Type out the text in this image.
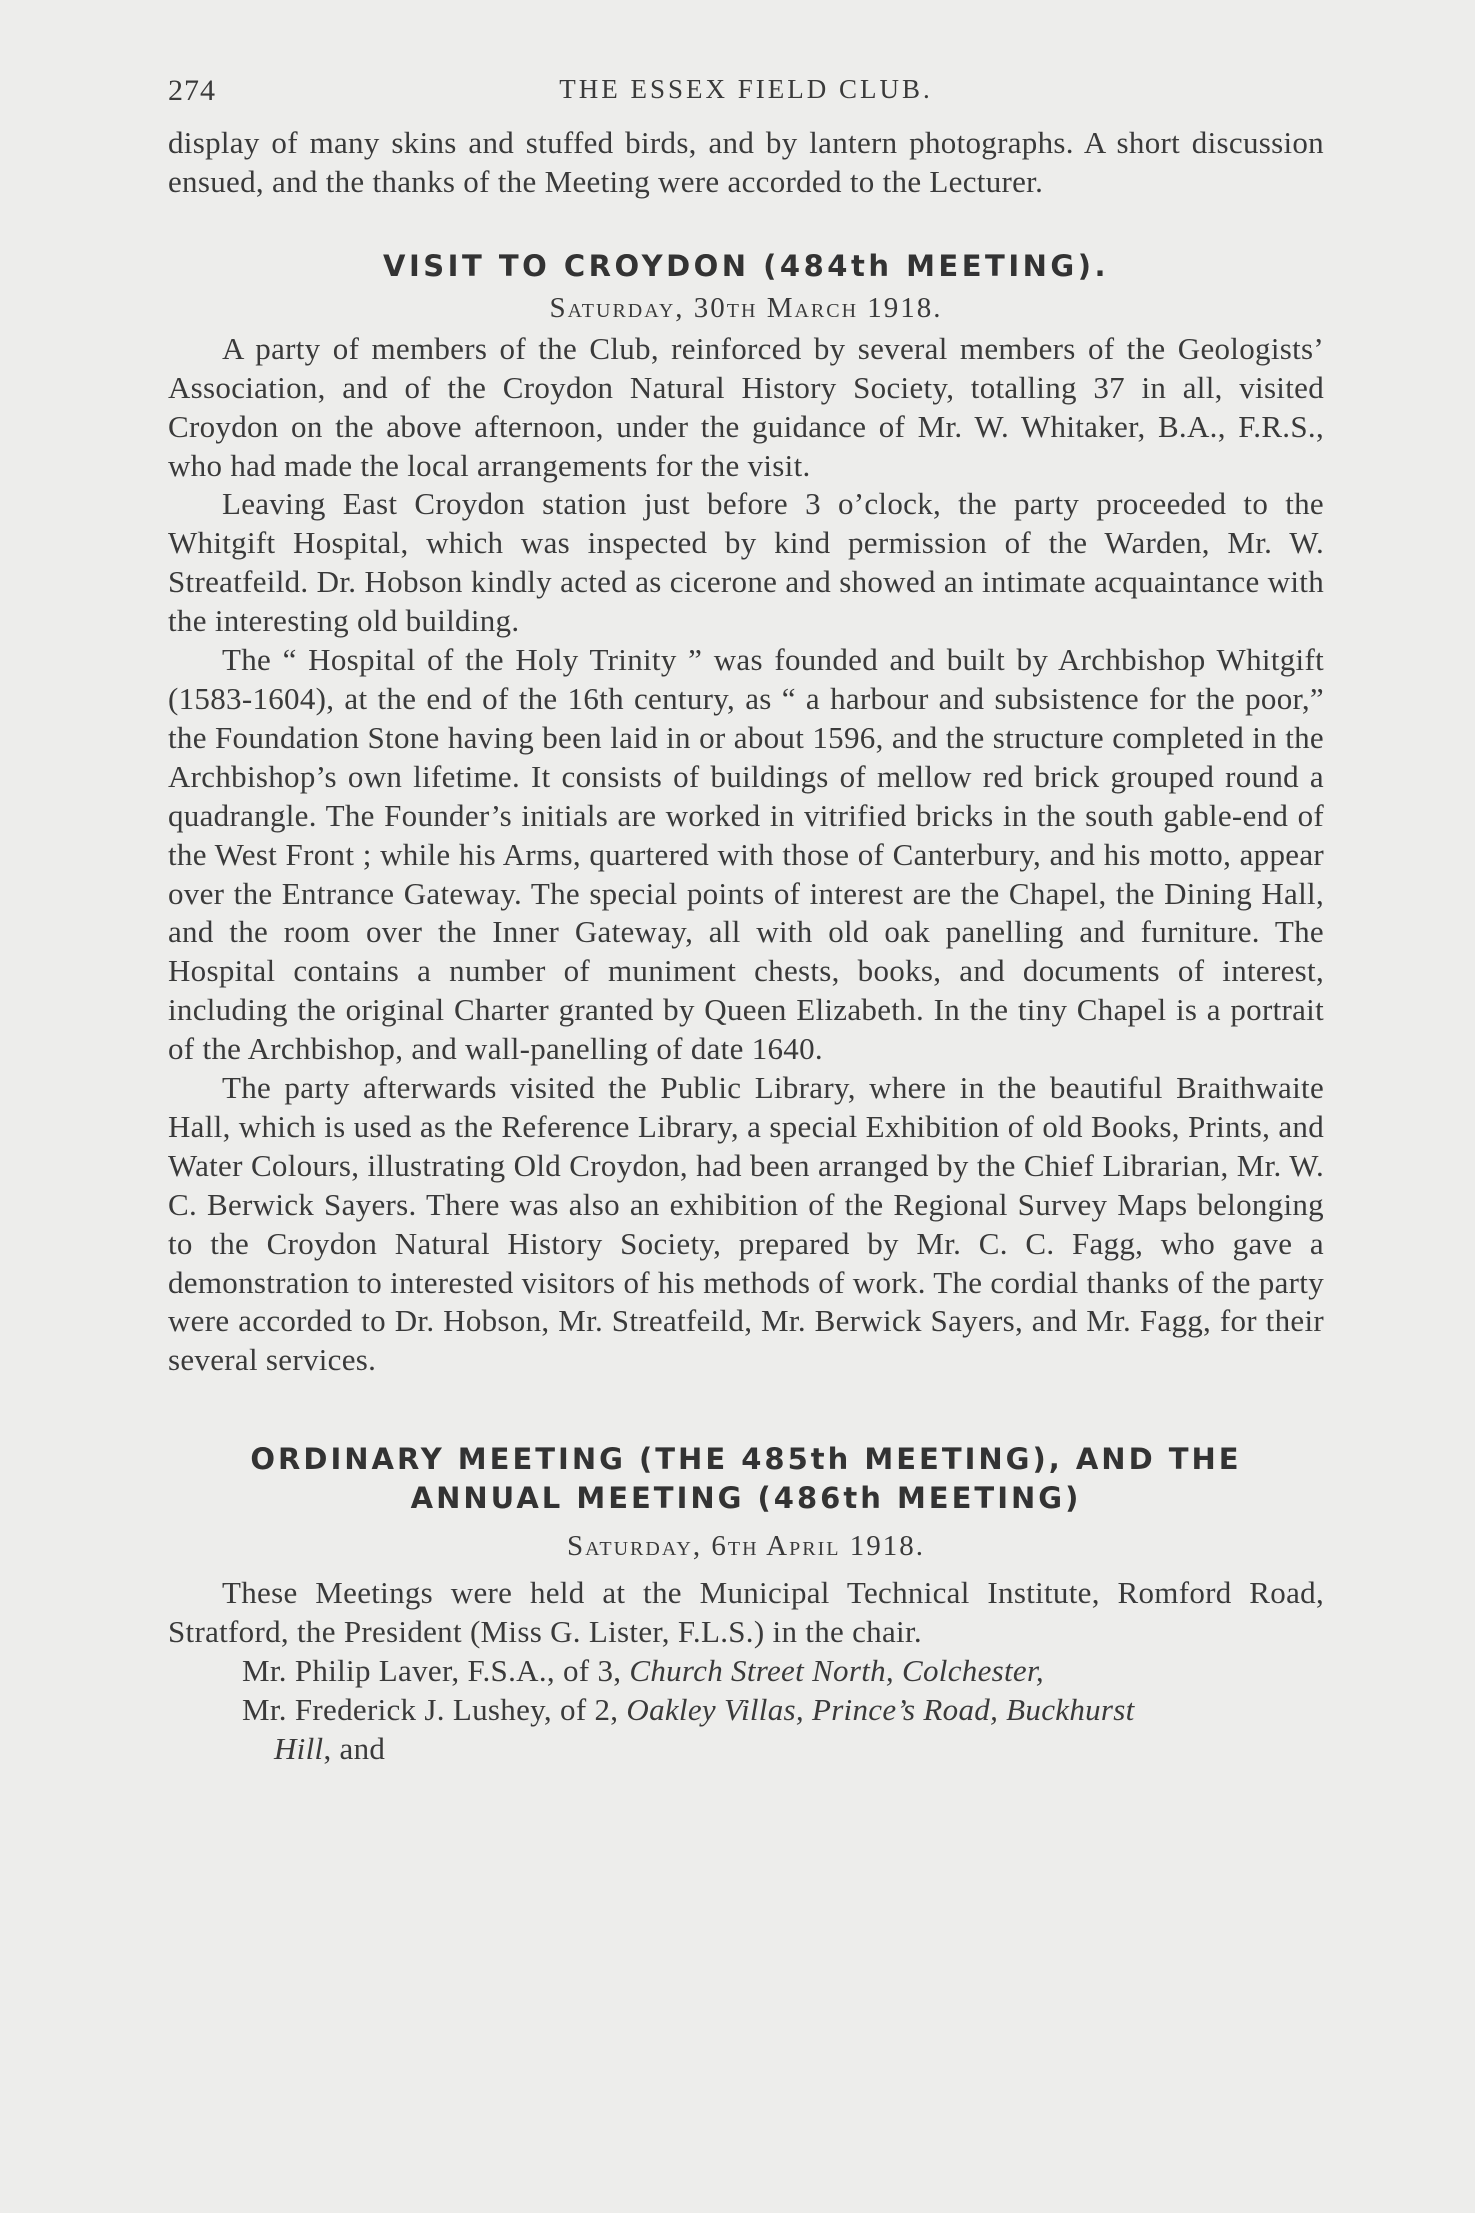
274	THE ESSEX FIELD CLUB.

display of many skins and stuffed birds, and by lantern photographs. A short discussion ensued, and the thanks of the Meeting were accorded to the Lecturer.

VISIT TO CROYDON (484th MEETING).
Saturday, 30th March 1918.

A party of members of the Club, reinforced by several members of the Geologists’ Association, and of the Croydon Natural History Society, totalling 37 in all, visited Croydon on the above afternoon, under the guidance of Mr. W. Whitaker, B.A., F.R.S., who had made the local arrangements for the visit.

Leaving East Croydon station just before 3 o’clock, the party proceeded to the Whitgift Hospital, which was inspected by kind permission of the Warden, Mr. W. Streatfeild. Dr. Hobson kindly acted as cicerone and showed an intimate acquaintance with the interesting old building.

The “ Hospital of the Holy Trinity ” was founded and built by Archbishop Whitgift (1583-1604), at the end of the 16th century, as “ a harbour and subsistence for the poor,” the Foundation Stone having been laid in or about 1596, and the structure completed in the Archbishop’s own lifetime. It consists of buildings of mellow red brick grouped round a quadrangle. The Founder’s initials are worked in vitrified bricks in the south gable-end of the West Front ; while his Arms, quartered with those of Canterbury, and his motto, appear over the Entrance Gateway. The special points of interest are the Chapel, the Dining Hall, and the room over the Inner Gateway, all with old oak panelling and furniture. The Hospital contains a number of muniment chests, books, and documents of interest, including the original Charter granted by Queen Elizabeth. In the tiny Chapel is a portrait of the Archbishop, and wall-panelling of date 1640.

The party afterwards visited the Public Library, where in the beautiful Braithwaite Hall, which is used as the Reference Library, a special Exhibition of old Books, Prints, and Water Colours, illustrating Old Croydon, had been arranged by the Chief Librarian, Mr. W. C. Berwick Sayers. There was also an exhibition of the Regional Survey Maps belonging to the Croydon Natural History Society, prepared by Mr. C. C. Fagg, who gave a demonstration to interested visitors of his methods of work. The cordial thanks of the party were accorded to Dr. Hobson, Mr. Streatfeild, Mr. Berwick Sayers, and Mr. Fagg, for their several services.

ORDINARY MEETING (THE 485th MEETING), AND THE
ANNUAL MEETING (486th MEETING)
Saturday, 6th April 1918.

These Meetings were held at the Municipal Technical Institute, Romford Road, Stratford, the President (Miss G. Lister, F.L.S.) in the chair.

Mr. Philip Laver, F.S.A., of 3, Church Street North, Colchester,
Mr. Frederick J. Lushey, of 2, Oakley Villas, Prince’s Road, Buckhurst
Hill, and
